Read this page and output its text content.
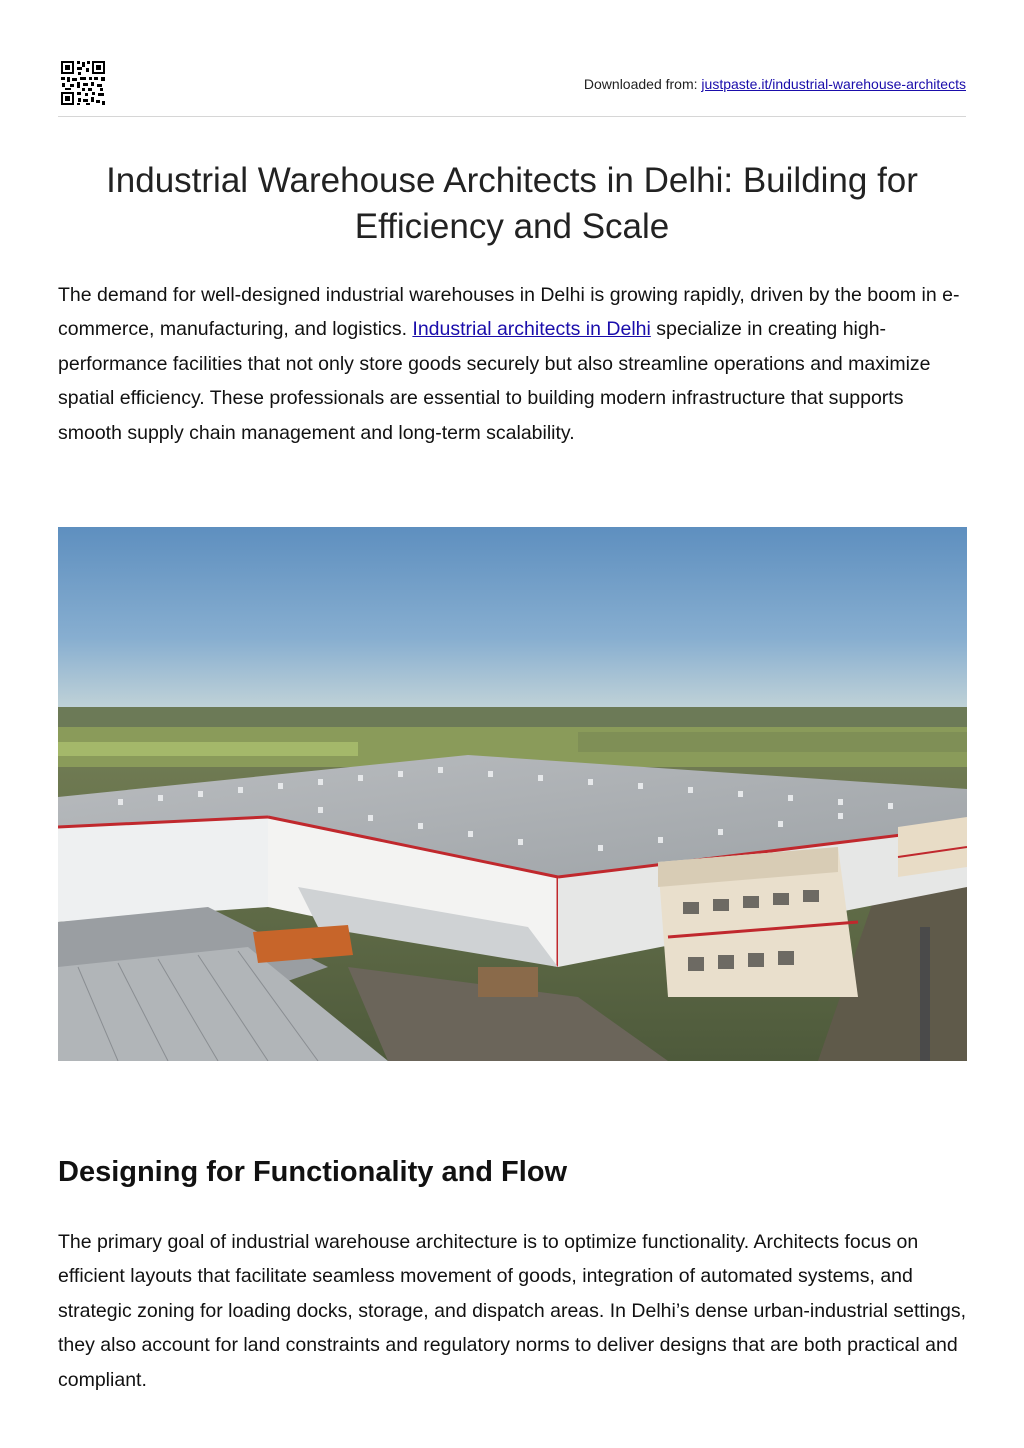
Downloaded from: justpaste.it/industrial-warehouse-architects
Industrial Warehouse Architects in Delhi: Building for Efficiency and Scale

The demand for well-designed industrial warehouses in Delhi is growing rapidly, driven by the boom in e-commerce, manufacturing, and logistics. Industrial architects in Delhi specialize in creating high-performance facilities that not only store goods securely but also streamline operations and maximize spatial efficiency. These professionals are essential to building modern infrastructure that supports smooth supply chain management and long-term scalability.

Designing for Functionality and Flow

The primary goal of industrial warehouse architecture is to optimize functionality. Architects focus on efficient layouts that facilitate seamless movement of goods, integration of automated systems, and strategic zoning for loading docks, storage, and dispatch areas. In Delhi’s dense urban-industrial settings, they also account for land constraints and regulatory norms to deliver designs that are both practical and compliant.
